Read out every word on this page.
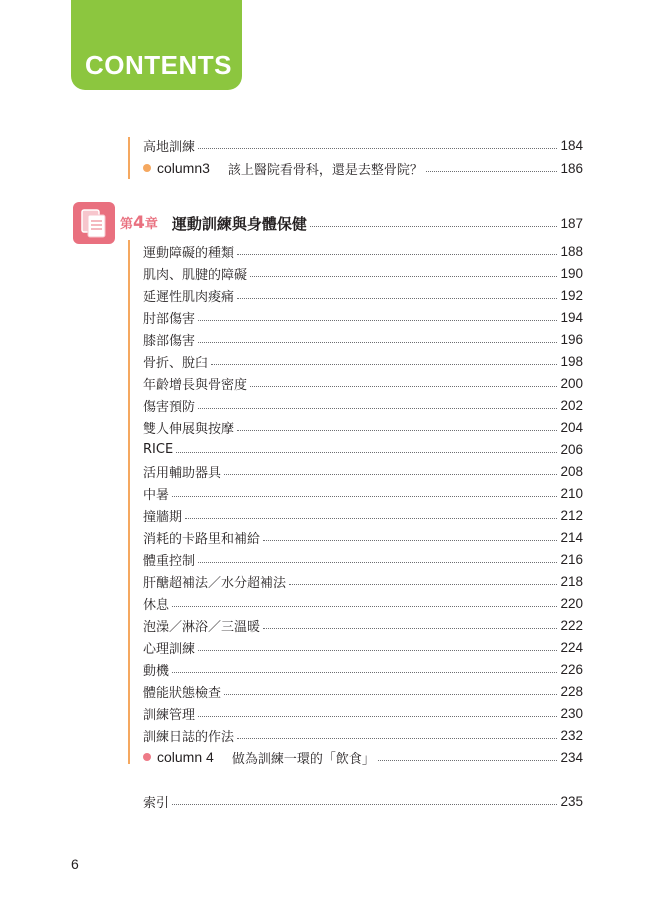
CONTENTS
高地訓練	184
column3 該上醫院看骨科，還是去整骨院？	186
第4章 運動訓練與身體保健	187
運動障礙的種類	188
肌肉、肌腱的障礙	190
延遲性肌肉痠痛	192
肘部傷害	194
膝部傷害	196
骨折、脫臼	198
年齡增長與骨密度	200
傷害預防	202
雙人伸展與按摩	204
RICE	206
活用輔助器具	208
中暑	210
撞牆期	212
消耗的卡路里和補給	214
體重控制	216
肝醣超補法／水分超補法	218
休息	220
泡澡／淋浴／三溫暖	222
心理訓練	224
動機	226
體能狀態檢查	228
訓練管理	230
訓練日誌的作法	232
column 4 做為訓練一環的「飲食」	234
索引	235
6
